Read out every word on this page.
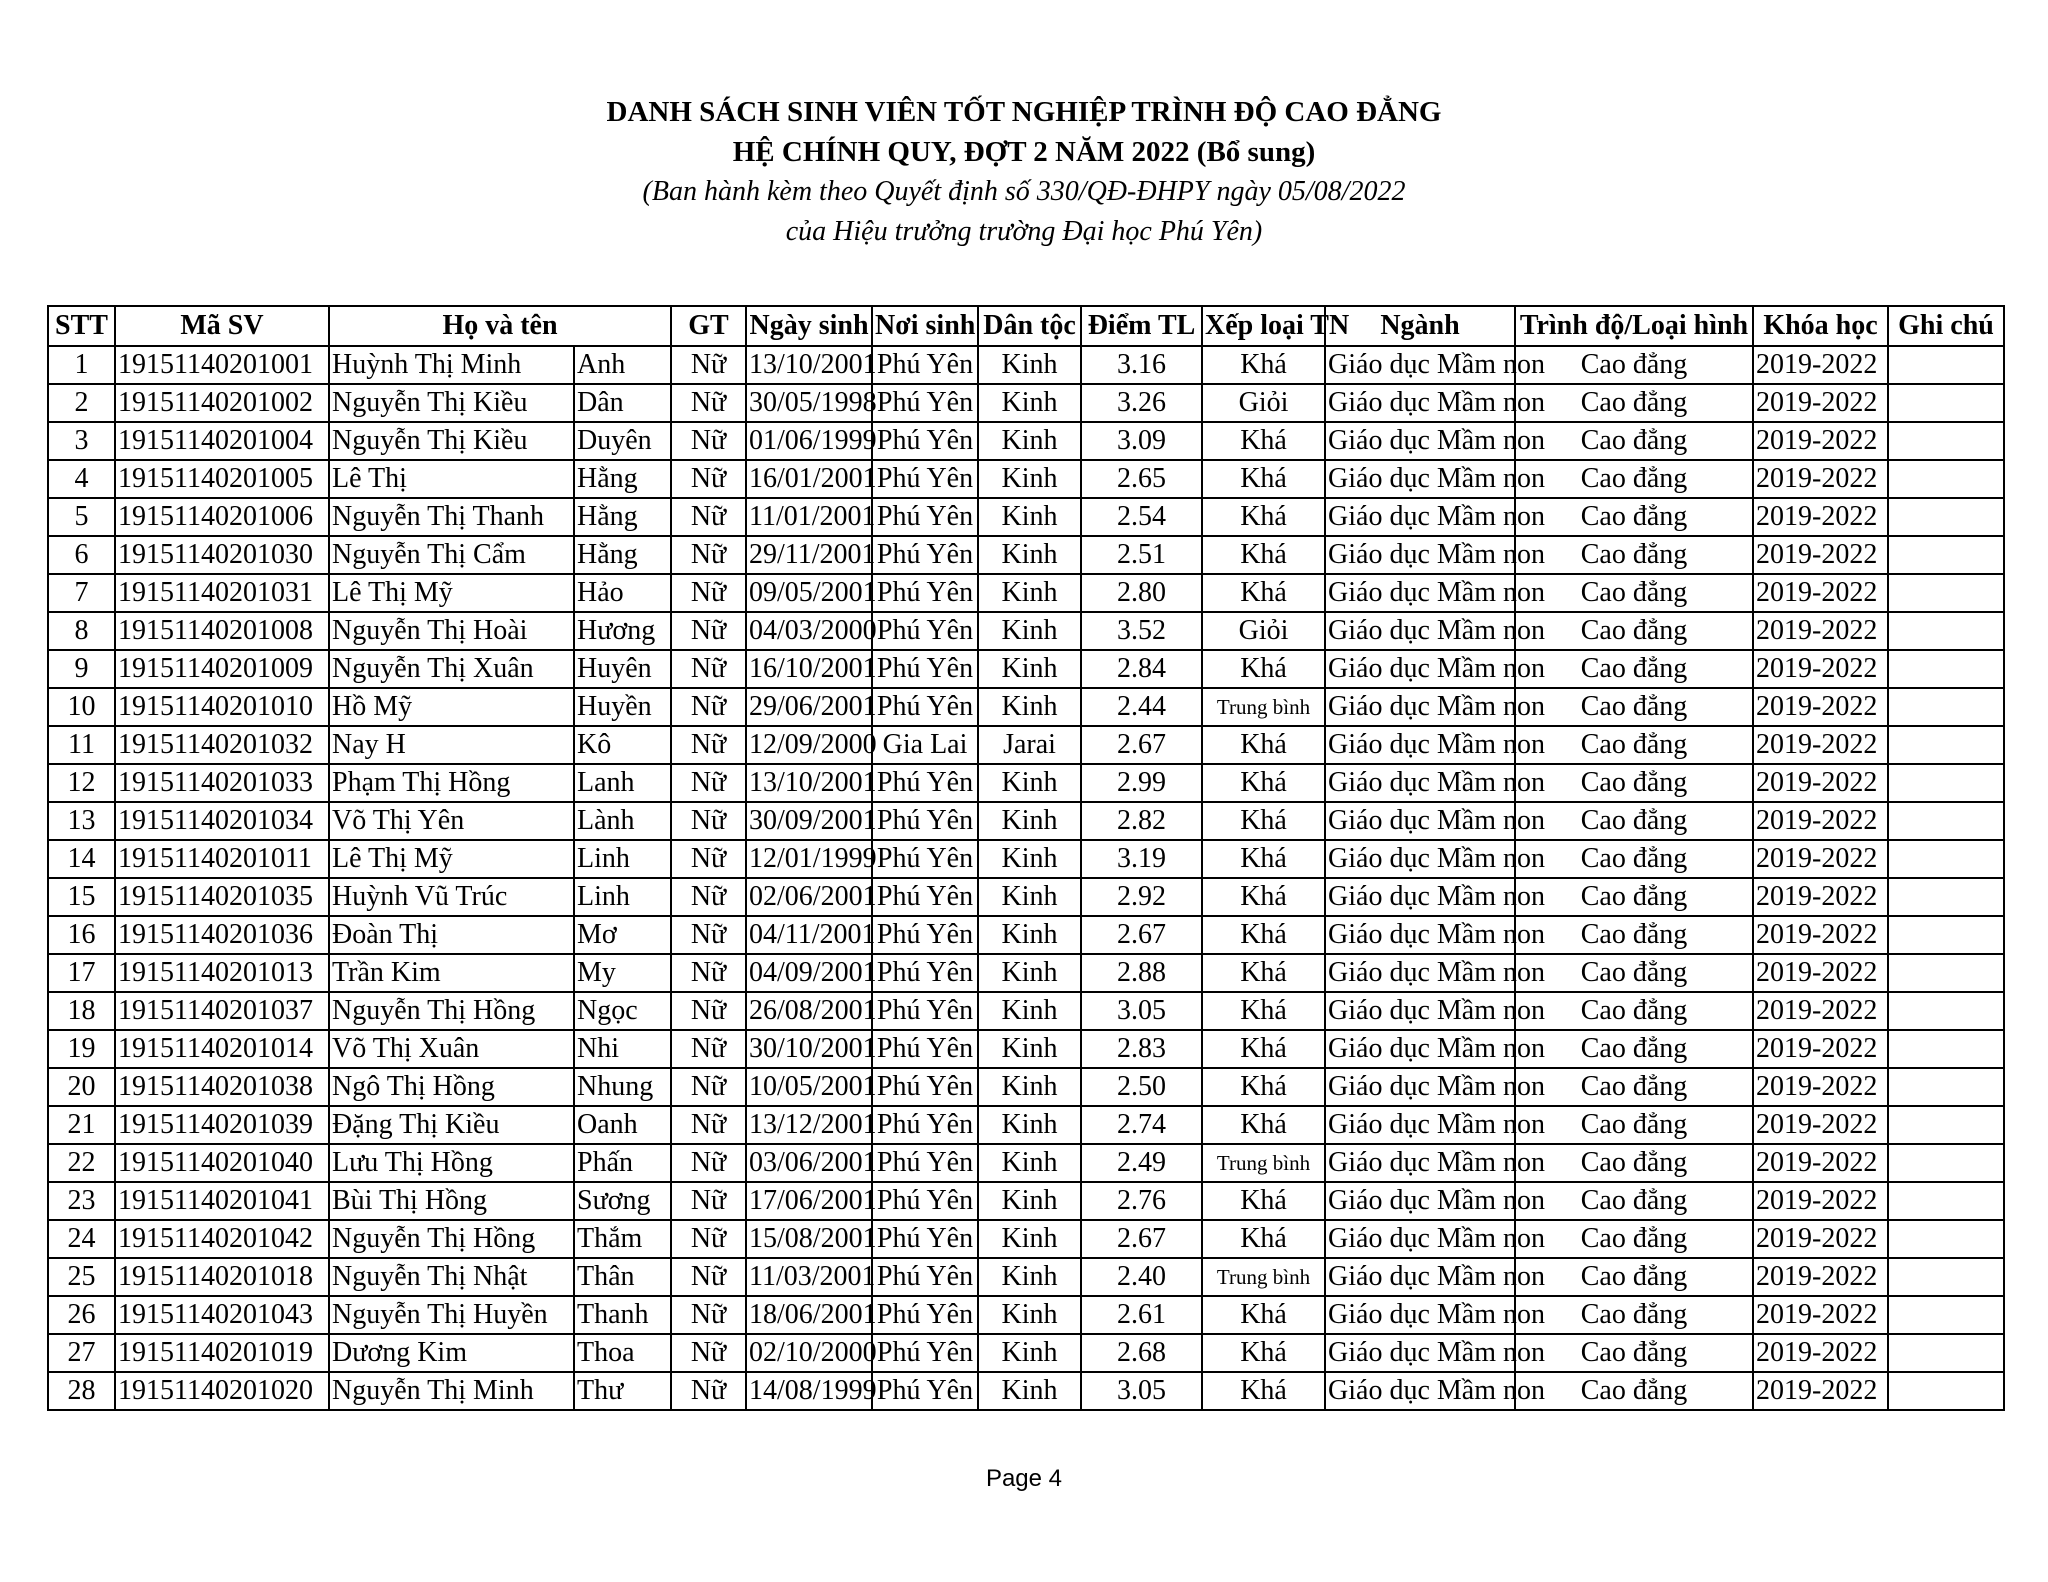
DANH SÁCH SINH VIÊN TỐT NGHIỆP TRÌNH ĐỘ CAO ĐẲNG
HỆ CHÍNH QUY, ĐỢT 2 NĂM 2022 (Bổ sung)
(Ban hành kèm theo Quyết định số 330/QĐ-ĐHPY ngày 05/08/2022
của Hiệu trưởng trường Đại học Phú Yên)
STT	Mã SV	Họ và tên		GT	Ngày sinh	Nơi sinh	Dân tộc	Điểm TL	Xếp loại TN	Ngành	Trình độ/Loại hình	Khóa học	Ghi chú
1	19151140201001	Huỳnh Thị Minh	Anh	Nữ	13/10/2001	Phú Yên	Kinh	3.16	Khá	Giáo dục Mầm non	Cao đẳng	2019-2022	
2	19151140201002	Nguyễn Thị Kiều	Dân	Nữ	30/05/1998	Phú Yên	Kinh	3.26	Giỏi	Giáo dục Mầm non	Cao đẳng	2019-2022	
3	19151140201004	Nguyễn Thị Kiều	Duyên	Nữ	01/06/1999	Phú Yên	Kinh	3.09	Khá	Giáo dục Mầm non	Cao đẳng	2019-2022	
4	19151140201005	Lê Thị	Hằng	Nữ	16/01/2001	Phú Yên	Kinh	2.65	Khá	Giáo dục Mầm non	Cao đẳng	2019-2022	
5	19151140201006	Nguyễn Thị Thanh	Hằng	Nữ	11/01/2001	Phú Yên	Kinh	2.54	Khá	Giáo dục Mầm non	Cao đẳng	2019-2022	
6	19151140201030	Nguyễn Thị Cẩm	Hằng	Nữ	29/11/2001	Phú Yên	Kinh	2.51	Khá	Giáo dục Mầm non	Cao đẳng	2019-2022	
7	19151140201031	Lê Thị Mỹ	Hảo	Nữ	09/05/2001	Phú Yên	Kinh	2.80	Khá	Giáo dục Mầm non	Cao đẳng	2019-2022	
8	19151140201008	Nguyễn Thị Hoài	Hương	Nữ	04/03/2000	Phú Yên	Kinh	3.52	Giỏi	Giáo dục Mầm non	Cao đẳng	2019-2022	
9	19151140201009	Nguyễn Thị Xuân	Huyên	Nữ	16/10/2001	Phú Yên	Kinh	2.84	Khá	Giáo dục Mầm non	Cao đẳng	2019-2022	
10	19151140201010	Hồ Mỹ	Huyền	Nữ	29/06/2001	Phú Yên	Kinh	2.44	Trung bình	Giáo dục Mầm non	Cao đẳng	2019-2022	
11	19151140201032	Nay H	Kô	Nữ	12/09/2000	Gia Lai	Jarai	2.67	Khá	Giáo dục Mầm non	Cao đẳng	2019-2022	
12	19151140201033	Phạm Thị Hồng	Lanh	Nữ	13/10/2001	Phú Yên	Kinh	2.99	Khá	Giáo dục Mầm non	Cao đẳng	2019-2022	
13	19151140201034	Võ Thị Yên	Lành	Nữ	30/09/2001	Phú Yên	Kinh	2.82	Khá	Giáo dục Mầm non	Cao đẳng	2019-2022	
14	19151140201011	Lê Thị Mỹ	Linh	Nữ	12/01/1999	Phú Yên	Kinh	3.19	Khá	Giáo dục Mầm non	Cao đẳng	2019-2022	
15	19151140201035	Huỳnh Vũ Trúc	Linh	Nữ	02/06/2001	Phú Yên	Kinh	2.92	Khá	Giáo dục Mầm non	Cao đẳng	2019-2022	
16	19151140201036	Đoàn Thị	Mơ	Nữ	04/11/2001	Phú Yên	Kinh	2.67	Khá	Giáo dục Mầm non	Cao đẳng	2019-2022	
17	19151140201013	Trần Kim	My	Nữ	04/09/2001	Phú Yên	Kinh	2.88	Khá	Giáo dục Mầm non	Cao đẳng	2019-2022	
18	19151140201037	Nguyễn Thị Hồng	Ngọc	Nữ	26/08/2001	Phú Yên	Kinh	3.05	Khá	Giáo dục Mầm non	Cao đẳng	2019-2022	
19	19151140201014	Võ Thị Xuân	Nhi	Nữ	30/10/2001	Phú Yên	Kinh	2.83	Khá	Giáo dục Mầm non	Cao đẳng	2019-2022	
20	19151140201038	Ngô Thị Hồng	Nhung	Nữ	10/05/2001	Phú Yên	Kinh	2.50	Khá	Giáo dục Mầm non	Cao đẳng	2019-2022	
21	19151140201039	Đặng Thị Kiều	Oanh	Nữ	13/12/2001	Phú Yên	Kinh	2.74	Khá	Giáo dục Mầm non	Cao đẳng	2019-2022	
22	19151140201040	Lưu Thị Hồng	Phấn	Nữ	03/06/2001	Phú Yên	Kinh	2.49	Trung bình	Giáo dục Mầm non	Cao đẳng	2019-2022	
23	19151140201041	Bùi Thị Hồng	Sương	Nữ	17/06/2001	Phú Yên	Kinh	2.76	Khá	Giáo dục Mầm non	Cao đẳng	2019-2022	
24	19151140201042	Nguyễn Thị Hồng	Thắm	Nữ	15/08/2001	Phú Yên	Kinh	2.67	Khá	Giáo dục Mầm non	Cao đẳng	2019-2022	
25	19151140201018	Nguyễn Thị Nhật	Thân	Nữ	11/03/2001	Phú Yên	Kinh	2.40	Trung bình	Giáo dục Mầm non	Cao đẳng	2019-2022	
26	19151140201043	Nguyễn Thị Huyền	Thanh	Nữ	18/06/2001	Phú Yên	Kinh	2.61	Khá	Giáo dục Mầm non	Cao đẳng	2019-2022	
27	19151140201019	Dương Kim	Thoa	Nữ	02/10/2000	Phú Yên	Kinh	2.68	Khá	Giáo dục Mầm non	Cao đẳng	2019-2022	
28	19151140201020	Nguyễn Thị Minh	Thư	Nữ	14/08/1999	Phú Yên	Kinh	3.05	Khá	Giáo dục Mầm non	Cao đẳng	2019-2022	
Page 4
